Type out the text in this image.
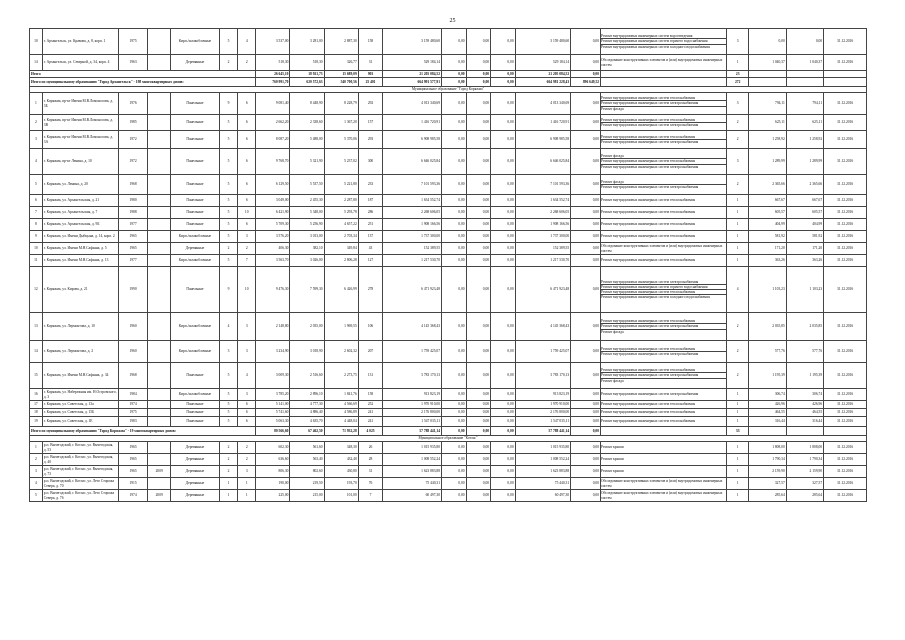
25
10	г. Архангельск, ул. Кравова, д. 8, корп. 1	1975		Кирп./шлакоблочные	5	4	3 537,00	3 281,00	2 887,30	158	3 159 480,60	0,00	0,00	0,00	3 159 480,60	0,00	Ремонт внутридомовых инженерных систем водоотведения
Ремонт внутридомовых инженерных систем горячего водоснабжения
Ремонт внутридомовых инженерных систем холодного водоснабжения	3	0,00	0,00	31.12.2016
14	г. Архангельск, ул. Северной, д. 34, корп. 4	1963		Деревянные	2	2	518,30	518,30	326,77	31	529 184,14	0,00	0,00	0,00	529 184,14	0,00	Обследование конструктивных элементов и (или) внутридомовых инженерных систем	1	1 040,37	1 040,37	31.12.2016
Итого							26 645,10	18 921,73	15 689,09	903	21 205 084,52	0,00	0,00	0,00	21 205 084,52	0,00		23			
Итого по муниципальному образованию "Город Архангельск" - 198 многоквартирных домов:							760 991,70	620 572,63	540 700,56	25 401	664 991 577,91	0,00	0,00	0,00	664 981 228,43	896 649,52		272			
Муниципальное образование "Город Коряжма"																					
1	г. Коряжма, пр-кт Имени М.В.Ломоносова, д. 3Б	1976		Панельные	9	6	9 081,40	8 448,90	8 228,79	292	4 013 340,69	0,00	0,00	0,00	4 013 340,69	0,00	Ремонт внутридомовых инженерных систем теплоснабжения
Ремонт внутридомовых инженерных систем электроснабжения
Ремонт фасада	3	794,11	794,11	31.12.2016
2	г. Коряжма, пр-кт Имени М.В.Ломоносова, д. 3В	1985		Панельные	5	6	2 662,20	2 338,60	1 367,20	157	1 416 720,91	0,00	0,00	0,00	1 416 720,91	0,00	Ремонт внутридомовых инженерных систем теплоснабжения
Ремонт внутридомовых инженерных систем электроснабжения	2	625,11	625,11	31.12.2016
3	г. Коряжма, пр-кт Имени М.В.Ломоносова, д. 3А	1972		Панельные	5	6	8 087,20	5 488,00	5 370,06	293	6 908 985,58	0,00	0,00	0,00	6 908 985,58	0,00	Ремонт внутридомовых инженерных систем теплоснабжения
Ремонт внутридомовых инженерных систем электроснабжения	2	1 258,92	1 258,92	31.12.2016
4	г. Коряжма, пр-кт Ленина, д. 10	1972		Панельные	5	6	9 768,70	5 321,90	5 237,02	300	6 646 025,84	0,00	0,00	0,00	6 646 025,84	0,00	Ремонт фасада
Ремонт внутридомовых инженерных систем теплоснабжения
Ремонт внутридомовых инженерных систем электроснабжения	3	1 289,99	1 289,99	31.12.2016
5	г. Коряжма, ул. Ленина, д. 20	1968		Панельные	5	6	6 129,50	5 537,50	5 221,80	233	7 101 593,36	0,00	0,00	0,00	7 101 593,36	0,00	Ремонт фасада
Ремонт внутридомовых инженерных систем электроснабжения	2	2 365,66	2 365,66	31.12.2016
6	г. Коряжма, ул. Архангельская, д. 21	1980		Панельные	5	6	3 049,00	2 455,30	2 287,80	187	1 634 552,74	0,00	0,00	0,00	1 634 552,74	0,00	Ремонт внутридомовых инженерных систем теплоснабжения	1	667,67	667,67	31.12.2016
7	г. Коряжма, ул. Архангельская, д. 7	1988		Панельные	5	10	6 421,90	5 348,00	5 293,78	286	2 268 606,05	0,00	0,00	0,00	2 268 606,05	0,00	Ремонт внутридомовых инженерных систем теплоснабжения	1	605,57	605,57	31.12.2016
8	г. Коряжма, ул. Архангельская, д. 9Б	1977		Панельные	5	6	5 709,30	5 256,90	4 657,22	251	1 908 166,56	0,00	0,00	0,00	1 908 166,56	0,00	Ремонт внутридомовых инженерных систем теплоснабжения	1	404,99	404,99	31.12.2016
9	г. Коряжма, ул. Имени Дыбцына, д. 14, корп. 2	1965		Кирп./шлакоблочные	5	3	3 576,20	3 013,00	2 703,34	137	1 737 300,00	0,00	0,00	0,00	1 737 300,00	0,00	Ремонт внутридомовых инженерных систем теплоснабжения	1	581,92	581,92	31.12.2016
10	г. Коряжма, ул. Имени М.Н.Сафьяна, д. 5	1965		Деревянные	2	2	406,30	382,10	349,84	43	152 389,55	0,00	0,00	0,00	152 389,55	0,00	Обследование конструктивных элементов и (или) внутридомовых инженерных систем	1	171,20	171,20	31.12.2016
11	г. Коряжма, ул. Имени М.Н.Сафьяна, д. 13	1977		Кирп./шлакоблочные	5	7	3 563,70	3 026,00	2 806,28	127	1 217 530,70	0,00	0,00	0,00	1 217 530,70	0,00	Ремонт внутридомовых инженерных систем теплоснабжения	1	363,26	363,26	31.12.2016
12	г. Коряжма, ул. Кирова, д. 21	1990		Панельные	9	10	9 476,30	7 599,30	6 426,99	278	6 471 923,48	0,00	0,00	0,00	6 471 923,48	0,00	Ремонт внутридомовых инженерных систем электроснабжения
Ремонт внутридомовых инженерных систем горячего водоснабжения
Ремонт внутридомовых инженерных систем теплоснабжения
Ремонт внутридомовых инженерных систем холодного водоснабжения	4	1 103,23	1 103,23	31.12.2016
13	г. Коряжма, ул. Лермонтова, д. 10	1960		Кирп./шлакоблочные	4	3	2 148,80	2 035,00	1 969,55	106	4 145 368,43	0,00	0,00	0,00	4 145 368,43	0,00	Ремонт внутридомовых инженерных систем теплоснабжения
Ремонт внутридомовых инженерных систем электроснабжения
Ремонт фасада	2	2 035,85	2 035,85	31.12.2016
14	г. Коряжма, ул. Лермонтова, д. 2	1960		Кирп./шлакоблочные	3	3	3 234,90	3 018,90	2 602,32	207	1 759 425,07	0,00	0,00	0,00	1 759 425,07	0,00	Ремонт внутридомовых инженерных систем теплоснабжения
Ремонт внутридомовых инженерных систем электроснабжения	2	577,76	577,76	31.12.2016
15	г. Коряжма, ул. Имени М.Н.Сафьяна, д. 34	1968		Панельные	5	4	3 009,30	2 516,60	2 273,75	131	3 783 170,13	0,00	0,00	0,00	3 783 170,13	0,00	Ремонт внутридомовых инженерных систем теплоснабжения
Ремонт внутридомовых инженерных систем электроснабжения
Ремонт фасада	2	1 195,39	1 195,39	31.12.2016
16	г. Коряжма, ул. Набережная им. Н.Островского, д. 3	1984		Кирп./шлакоблочные	5	3	3 785,20	2 896,10	1 841,76	158	913 823,19	0,00	0,00	0,00	913 823,19	0,00	Ремонт внутридомовых инженерных систем электроснабжения	1	306,74	306,74	31.12.2016
17	г. Коряжма, ул. Советская, д. 13а	1974		Панельные	5	6	5 141,00	4 777,30	4 566,69	252	1 970 910,00	0,00	0,00	0,00	1 970 910,00	0,00	Ремонт внутридомовых инженерных систем теплоснабжения	1	426,96	426,96	31.12.2016
18	г. Коряжма, ул. Советская, д. 15Б	1975		Панельные	5	6	5 741,60	4 886,40	4 586,89	241	2 176 800,00	0,00	0,00	0,00	2 176 800,00	0,00	Ремонт внутридомовых инженерных систем теплоснабжения	1	464,55	464,55	31.12.2016
19	г. Коряжма, ул. Советская, д. 1Е	1983		Панельные	5	6	5 063,30	4 635,70	4 448,04	241	1 547 035,11	0,00	0,00	0,00	1 547 035,11	0,00	Ремонт внутридомовых инженерных систем теплоснабжения	1	316,44	316,44	31.12.2016
Итого по муниципальному образованию "Город Коряжма" - 19 многоквартирных домов:							80 566,60	67 462,50	71 932,28	4 025	57 788 441,14	0,00	0,00	0,00	57 788 441,14	0,00		33			
Муниципальное образование "Котлас"																					
1	р.п. Вычегодский, г. Котлас, ул. Вычегодская, д. 53	1965		Деревянные	2	2	602,30	561,60	348,30	26	1 015 935,80	0,00	0,00	0,00	1 015 935,80	0,00	Ремонт крыши	1	1 808,00	1 808,00	31.12.2016
2	р.п. Вычегодский, г. Котлас, ул. Вычегодская, д. 40	1965		Деревянные	2	2	636,60	563,40	432,40	28	1 008 552,24	0,00	0,00	0,00	1 008 552,24	0,00	Ремонт крыши	1	1 790,34	1 790,34	31.12.2016
3	р.п. Вычегодский, г. Котлас, ул. Вычегодская, д. 73	1965	2009	Деревянные	2	3	806,30	802,60	430,80	31	1 623 883,88	0,00	0,00	0,00	1 623 883,88	0,00	Ремонт крыши	1	2 159,90	2 159,90	31.12.2016
4	р.п. Вычегодский, г. Котлас, ул. Лето Сторожа Севера, д. 70	1915		Деревянные	1	1	190,00	219,50	193,70	76	75 440,31	0,00	0,00	0,00	75 440,31	0,00	Обследование конструктивных элементов и (или) внутридомовых инженерных систем	1	327,57	327,57	31.12.2016
5	р.п. Вычегодский, г. Котлас, ул. Лето Сторожа Севера, д. 76	1974	2009	Деревянные	1	1	225,00	215,00	101,00	7	60 497,30	0,00	0,00	0,00	60 497,30	0,00	Обследование конструктивных элементов и (или) внутридомовых инженерных систем	1	285,64	285,64	31.12.2016
